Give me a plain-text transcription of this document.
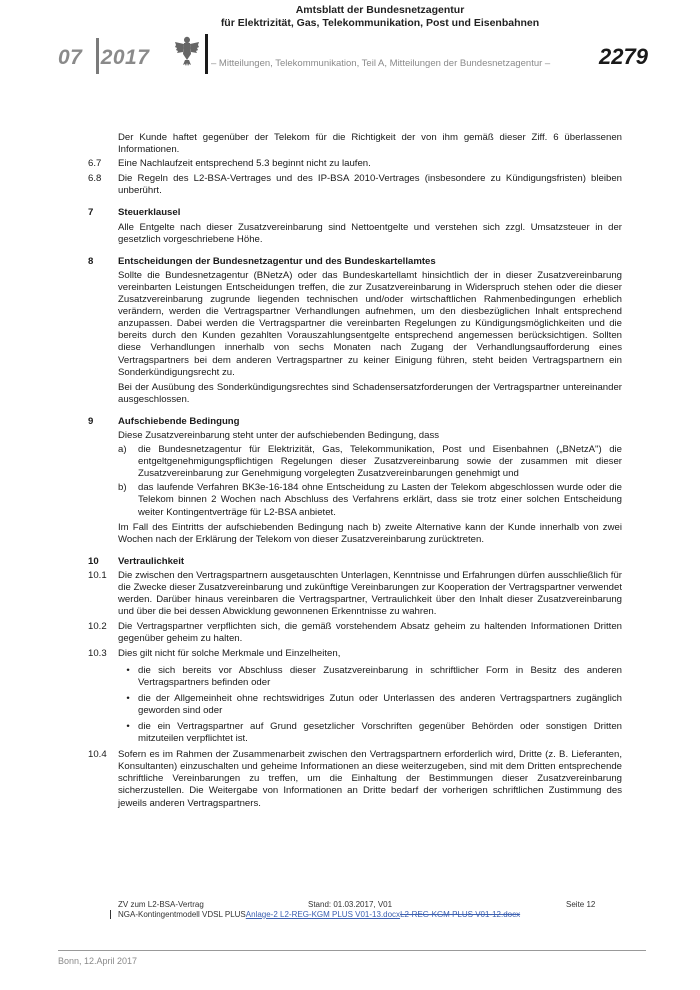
07 2017
Amtsblatt der Bundesnetzagentur
für Elektrizität, Gas, Telekommunikation, Post und Eisenbahnen
– Mitteilungen, Telekommunikation, Teil A, Mitteilungen der Bundesnetzagentur – 2279

Der Kunde haftet gegenüber der Telekom für die Richtigkeit der von ihm gemäß dieser Ziff. 6 überlassenen Informationen.

6.7	Eine Nachlaufzeit entsprechend 5.3 beginnt nicht zu laufen.
6.8	Die Regeln des L2-BSA-Vertrages und des IP-BSA 2010-Vertrages (insbesondere zu Kündigungsfristen) bleiben unberührt.
7	Steuerklausel

Alle Entgelte nach dieser Zusatzvereinbarung sind Nettoentgelte und verstehen sich zzgl. Umsatzsteuer in der gesetzlich vorgeschriebene Höhe.

8	Entscheidungen der Bundesnetzagentur und des Bundeskartellamtes

Sollte die Bundesnetzagentur (BNetzA) oder das Bundeskartellamt hinsichtlich der in dieser Zusatzvereinbarung vereinbarten Leistungen Entscheidungen treffen, die zur Zusatzvereinbarung in Widerspruch stehen oder die dieser Zusatzvereinbarung zugrunde liegenden technischen und/oder wirtschaftlichen Rahmenbedingungen erheblich verändern, werden die Vertragspartner Verhandlungen aufnehmen, um den diesbezüglichen Inhalt entsprechend anzupassen. Dabei werden die Vertragspartner die vereinbarten Regelungen zu Kündigungsmöglichkeiten und die bereits durch den Kunden gezahlten Vorauszahlungsentgelte entsprechend angemessen berücksichtigen. Sollten diese Verhandlungen innerhalb von sechs Monaten nach Zugang der Verhandlungsaufforderung eines Vertragspartners bei dem anderen Vertragspartner zu keiner Einigung führen, steht beiden Vertragspartnern ein Sonderkündigungsrecht zu.

Bei der Ausübung des Sonderkündigungsrechtes sind Schadensersatzforderungen der Vertragspartner untereinander ausgeschlossen.

9	Aufschiebende Bedingung

Diese Zusatzvereinbarung steht unter der aufschiebenden Bedingung, dass

a)	die Bundesnetzagentur für Elektrizität, Gas, Telekommunikation, Post und Eisenbahnen („BNetzA") die entgeltgenehmigungspflichtigen Regelungen dieser Zusatzvereinbarung sowie der zusammen mit dieser Zusatzvereinbarung zur Genehmigung vorgelegten Zusatzvereinbarungen genehmigt und
b)	das laufende Verfahren BK3e-16-184 ohne Entscheidung zu Lasten der Telekom abgeschlossen wurde oder die Telekom binnen 2 Wochen nach Abschluss des Verfahrens erklärt, dass sie trotz einer solchen Entscheidung weiter Kontingentverträge für L2-BSA anbietet.

Im Fall des Eintritts der aufschiebenden Bedingung nach b) zweite Alternative kann der Kunde innerhalb von zwei Wochen nach der Erklärung der Telekom von dieser Zusatzvereinbarung zurücktreten.

10	Vertraulichkeit
10.1	Die zwischen den Vertragspartnern ausgetauschten Unterlagen, Kenntnisse und Erfahrungen dürfen ausschließlich für die Zwecke dieser Zusatzvereinbarung und zukünftige Vereinbarungen zur Kooperation der Vertragspartner verwendet werden. Darüber hinaus vereinbaren die Vertragspartner, Vertraulichkeit über den Inhalt dieser Zusatzvereinbarung und über die bei dessen Abwicklung gewonnenen Erkenntnisse zu wahren.
10.2	Die Vertragspartner verpflichten sich, die gemäß vorstehendem Absatz geheim zu haltenden Informationen Dritten gegenüber geheim zu halten.
10.3	Dies gilt nicht für solche Merkmale und Einzelheiten,
• die sich bereits vor Abschluss dieser Zusatzvereinbarung in schriftlicher Form in Besitz des anderen Vertragspartners befinden oder
• die der Allgemeinheit ohne rechtswidriges Zutun oder Unterlassen des anderen Vertragspartners zugänglich geworden sind oder
• die ein Vertragspartner auf Grund gesetzlicher Vorschriften gegenüber Behörden oder sonstigen Dritten mitzuteilen verpflichtet ist.
10.4	Sofern es im Rahmen der Zusammenarbeit zwischen den Vertragspartnern erforderlich wird, Dritte (z. B. Lieferanten, Konsultanten) einzuschalten und geheime Informationen an diese weiterzugeben, sind mit dem Dritten entsprechende schriftliche Vereinbarungen zu treffen, um die Einhaltung der Bestimmungen dieser Zusatzvereinbarung sicherzustellen. Die Weitergabe von Informationen an Dritte bedarf der vorherigen schriftlichen Zustimmung des jeweils anderen Vertragspartners.
ZV zum L2-BSA-Vertrag	Stand: 01.03.2017, V01	Seite 12
NGA-Kontingentmodell VDSL PLUSAnlage-2 L2-REG-KGM PLUS V01-13.docxL2-REG-KGM PLUS V01-12.docx
Bonn, 12.April 2017
